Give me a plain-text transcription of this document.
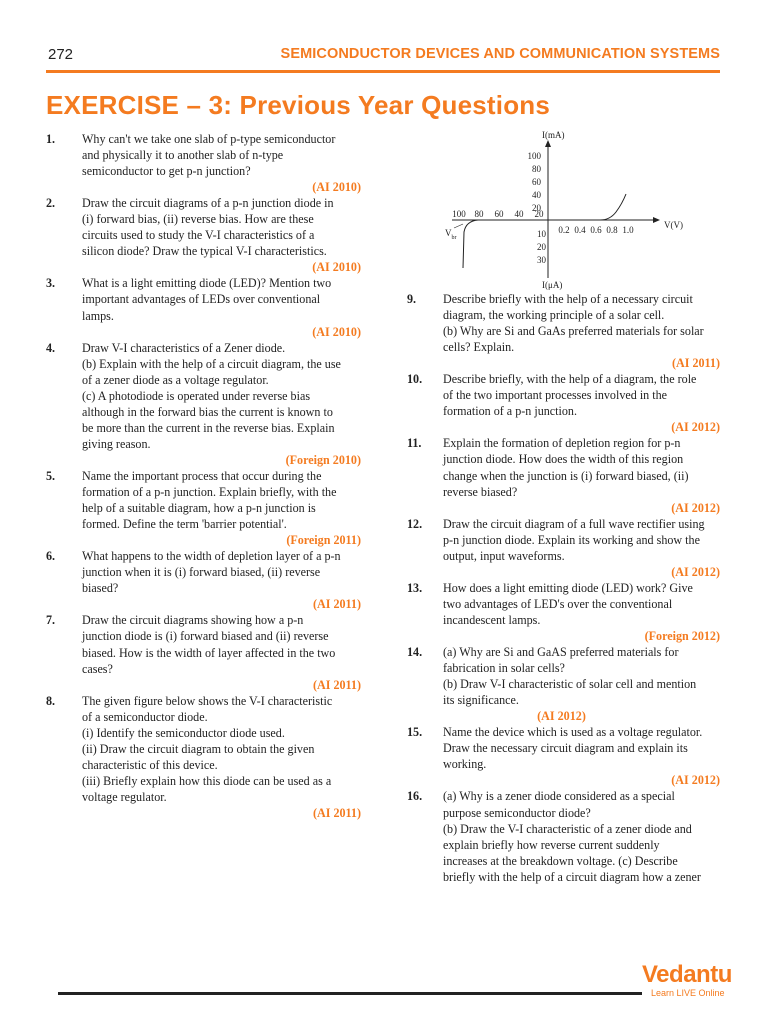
272	SEMICONDUCTOR DEVICES AND COMMUNICATION SYSTEMS
EXERCISE – 3: Previous Year Questions
1. Why can't we take one slab of p-type semiconductor
and physically it to another slab of n-type
semiconductor to get p-n junction?
(AI 2010)
2. Draw the circuit diagrams of a p-n junction diode in
(i) forward bias, (ii) reverse bias. How are these
circuits used to study the V-I characteristics of a
silicon diode? Draw the typical V-I characteristics.
(AI 2010)
3. What is a light emitting diode (LED)? Mention two
important advantages of LEDs over conventional
lamps.
(AI 2010)
4. Draw V-I characteristics of a Zener diode.
(b) Explain with the help of a circuit diagram, the use
of a zener diode as a voltage regulator.
(c) A photodiode is operated under reverse bias
although in the forward bias the current is known to
be more than the current in the reverse bias. Explain
giving reason.
(Foreign 2010)
5. Name the important process that occur during the
formation of a p-n junction. Explain briefly, with the
help of a suitable diagram, how a p-n junction is
formed. Define the term 'barrier potential'.
(Foreign 2011)
6. What happens to the width of depletion layer of a p-n
junction when it is (i) forward biased, (ii) reverse
biased?
(AI 2011)
7. Draw the circuit diagrams showing how a p-n
junction diode is (i) forward biased and (ii) reverse
biased. How is the width of layer affected in the two
cases?
(AI 2011)
8. The given figure below shows the V-I characteristic
of a semiconductor diode.
(i) Identify the semiconductor diode used.
(ii) Draw the circuit diagram to obtain the given
characteristic of this device.
(iii) Briefly explain how this diode can be used as a
voltage regulator.
(AI 2011)
I(mA)
I(μA)
V(V)
$V_{br}$
100
80
60
40
20
10
20
30
100 80 60 40 20
0.2 0.4 0.6 0.8 1.0
9. Describe briefly with the help of a necessary circuit
diagram, the working principle of a solar cell.
(b) Why are Si and GaAs preferred materials for solar
cells? Explain.
(AI 2011)
10. Describe briefly, with the help of a diagram, the role
of the two important processes involved in the
formation of a p-n junction.
(AI 2012)
11. Explain the formation of depletion region for p-n
junction diode. How does the width of this region
change when the junction is (i) forward biased, (ii)
reverse biased?
(AI 2012)
12. Draw the circuit diagram of a full wave rectifier using
p-n junction diode. Explain its working and show the
output, input waveforms.
(AI 2012)
13. How does a light emitting diode (LED) work? Give
two advantages of LED's over the conventional
incandescent lamps.
(Foreign 2012)
14. (a) Why are Si and GaAS preferred materials for
fabrication in solar cells?
(b) Draw V-I characteristic of solar cell and mention
its significance.
(AI 2012)
15. Name the device which is used as a voltage regulator.
Draw the necessary circuit diagram and explain its
working.
(AI 2012)
16. (a) Why is a zener diode considered as a special
purpose semiconductor diode?
(b) Draw the V-I characteristic of a zener diode and
explain briefly how reverse current suddenly
increases at the breakdown voltage. (c) Describe
briefly with the help of a circuit diagram how a zener
Vedantu
Learn LIVE Online
